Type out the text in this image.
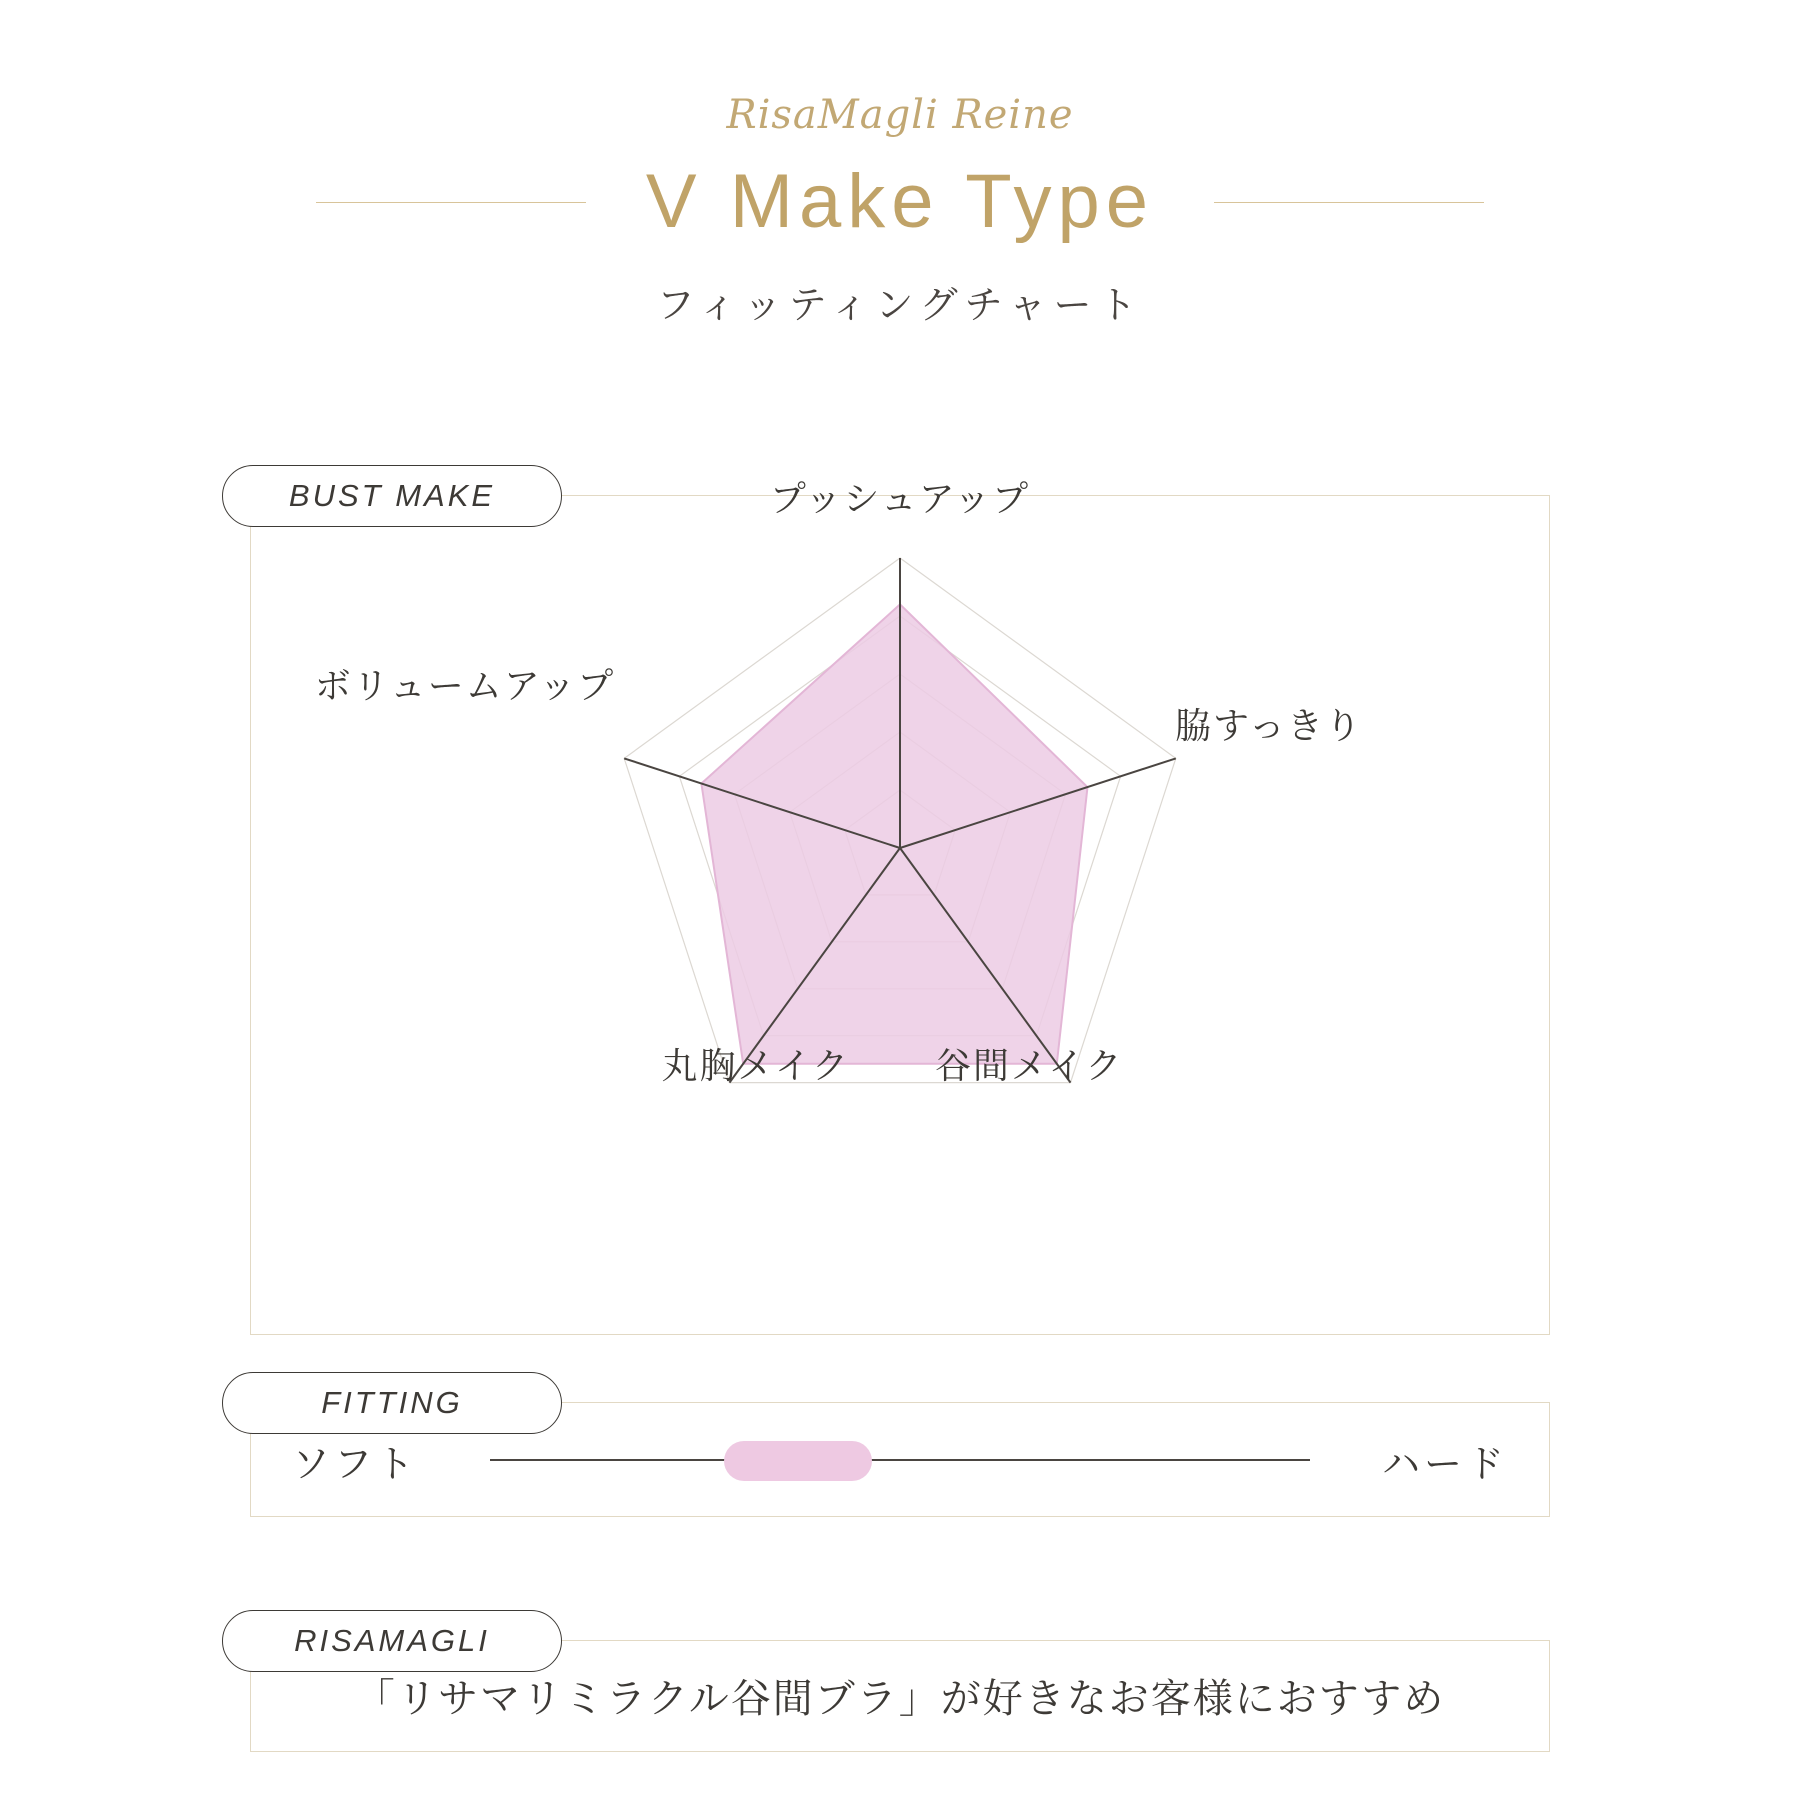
RisaMagli Reine
V Make Type
フィッティングチャート
BUST MAKE	プッシュアップ
脇すっきり
谷間メイク
丸胸メイク
ボリュームアップ
FITTING
ソフト	ハード
RISAMAGLI
「リサマリミラクル谷間ブラ」が好きなお客様におすすめ
